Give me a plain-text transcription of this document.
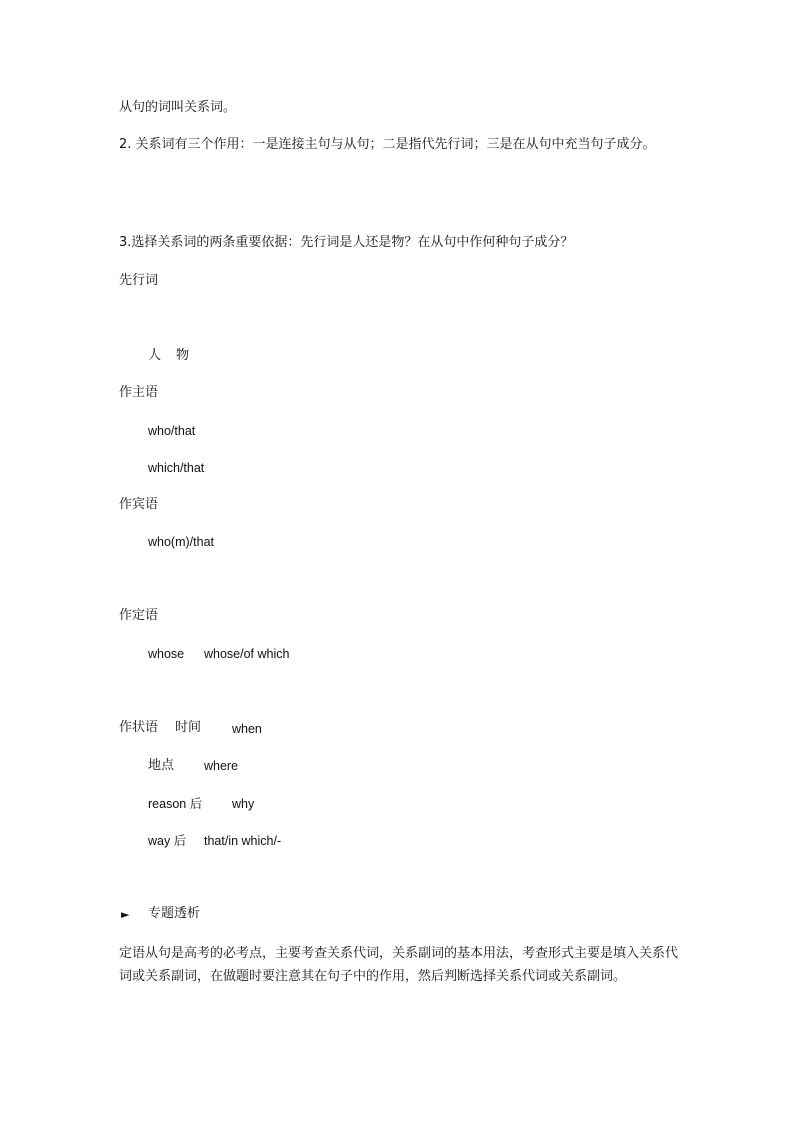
从句的词叫关系词。
2. 关系词有三个作用：一是连接主句与从句；二是指代先行词；三是在从句中充当句子成分。
3.选择关系词的两条重要依据：先行词是人还是物？在从句中作何种句子成分？
先行词
人 物
作主语
who/that
which/that
作宾语
who(m)/that
作定语
whose whose/of which
作状语 时间 when
地点 where
reason 后 why
way 后 that/in which/-
► 专题透析
定语从句是高考的必考点，主要考查关系代词，关系副词的基本用法，考查形式主要是填入关系代词或关系副词，在做题时要注意其在句子中的作用，然后判断选择关系代词或关系副词。
